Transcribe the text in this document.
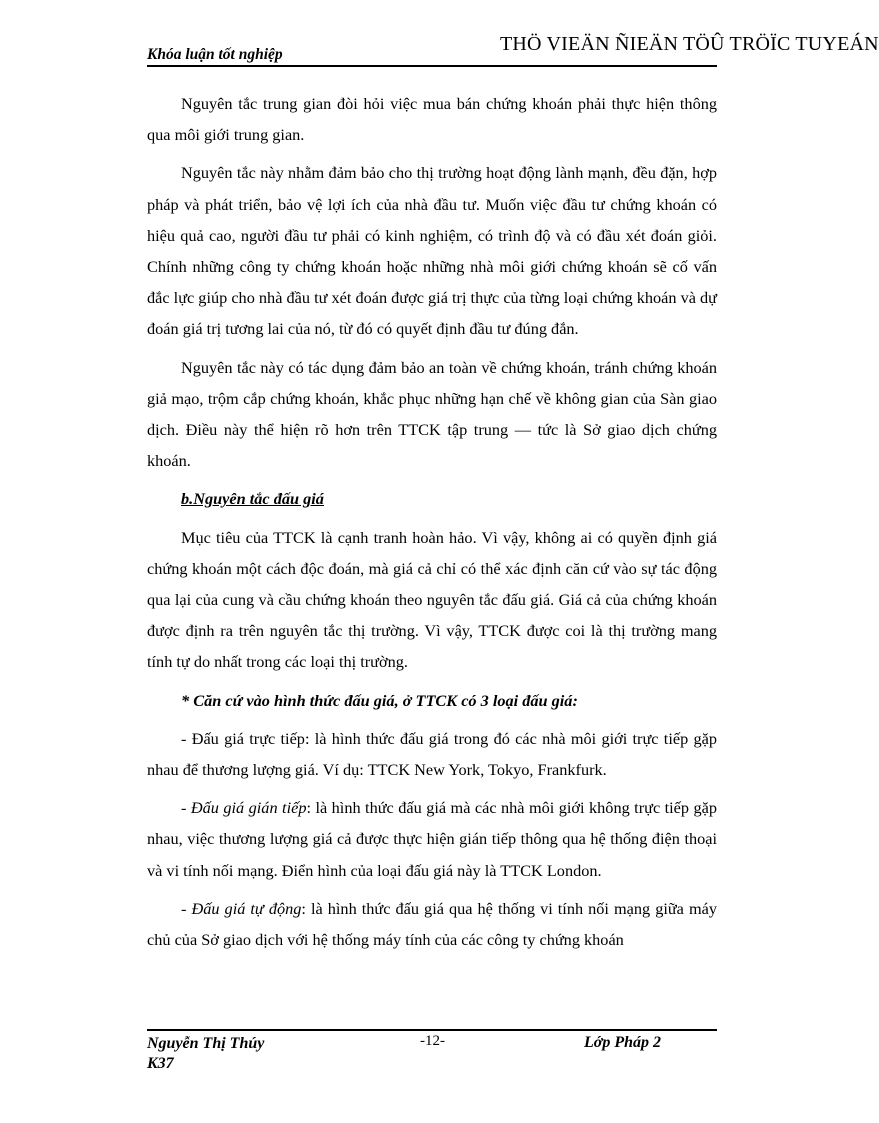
Khóa luận tốt nghiệp	THÖ VIEÄN ÑIEÄN TÖÛ TRÖÏC TUYEÁN

Nguyên tắc trung gian đòi hỏi việc mua bán chứng khoán phải thực hiện thông qua môi giới trung gian.

Nguyên tắc này nhằm đảm bảo cho thị trường hoạt động lành mạnh, đều đặn, hợp pháp và phát triển, bảo vệ lợi ích của nhà đầu tư. Muốn việc đầu tư chứng khoán có hiệu quả cao, người đầu tư phải có kinh nghiệm, có trình độ và có đầu xét đoán giỏi. Chính những công ty chứng khoán hoặc những nhà môi giới chứng khoán sẽ cố vấn đắc lực giúp cho nhà đầu tư xét đoán được giá trị thực của từng loại chứng khoán và dự đoán giá trị tương lai của nó, từ đó có quyết định đầu tư đúng đắn.

Nguyên tắc này có tác dụng đảm bảo an toàn về chứng khoán, tránh chứng khoán giả mạo, trộm cắp chứng khoán, khắc phục những hạn chế về không gian của Sàn giao dịch. Điều này thể hiện rõ hơn trên TTCK tập trung — tức là Sở giao dịch chứng khoán.

b.Nguyên tắc đấu giá

Mục tiêu của TTCK là cạnh tranh hoàn hảo. Vì vậy, không ai có quyền định giá chứng khoán một cách độc đoán, mà giá cả chỉ có thể xác định căn cứ vào sự tác động qua lại của cung và cầu chứng khoán theo nguyên tắc đấu giá. Giá cả của chứng khoán được định ra trên nguyên tắc thị trường. Vì vậy, TTCK được coi là thị trường mang tính tự do nhất trong các loại thị trường.

* Căn cứ vào hình thức đấu giá, ở TTCK có 3 loại đấu giá:

- Đấu giá trực tiếp: là hình thức đấu giá trong đó các nhà môi giới trực tiếp gặp nhau để thương lượng giá. Ví dụ: TTCK New York, Tokyo, Frankfurk.

- Đấu giá gián tiếp: là hình thức đấu giá mà các nhà môi giới không trực tiếp gặp nhau, việc thương lượng giá cả được thực hiện gián tiếp thông qua hệ thống điện thoại và vi tính nối mạng. Điển hình của loại đấu giá này là TTCK London.

- Đấu giá tự động: là hình thức đấu giá qua hệ thống vi tính nối mạng giữa máy chủ của Sở giao dịch với hệ thống máy tính của các công ty chứng khoán

Nguyễn Thị Thúy
K37
-12-	Lớp Pháp 2
